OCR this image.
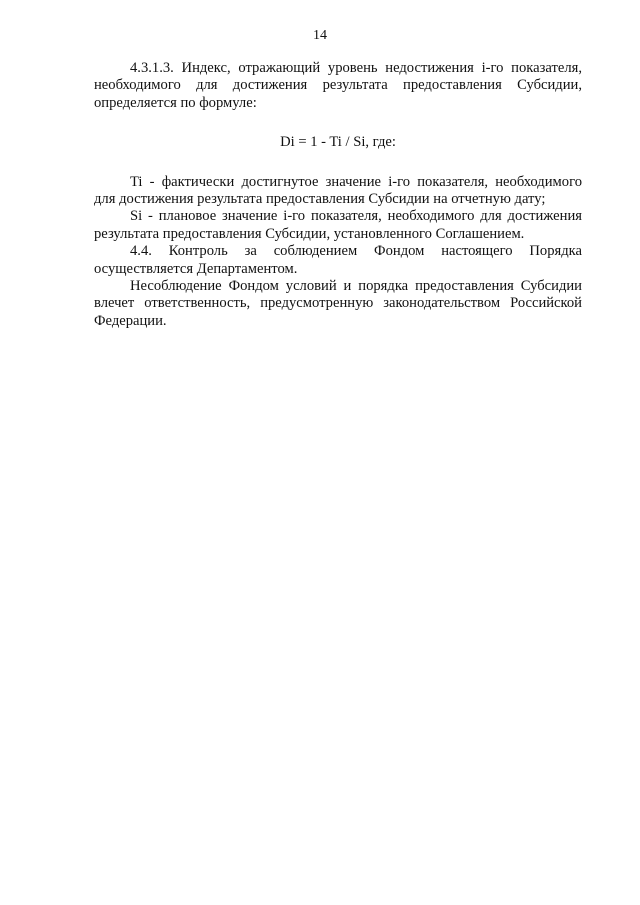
14

4.3.1.3. Индекс, отражающий уровень недостижения i-го показателя, необходимого для достижения результата предоставления Субсидии, определяется по формуле:

Di = 1 - Ti / Si, где:

Ti - фактически достигнутое значение i-го показателя, необходимого для достижения результата предоставления Субсидии на отчетную дату;

Si - плановое значение i-го показателя, необходимого для достижения результата предоставления Субсидии, установленного Соглашением.

4.4. Контроль за соблюдением Фондом настоящего Порядка осуществляется Департаментом.

Несоблюдение Фондом условий и порядка предоставления Субсидии влечет ответственность, предусмотренную законодательством Российской Федерации.
